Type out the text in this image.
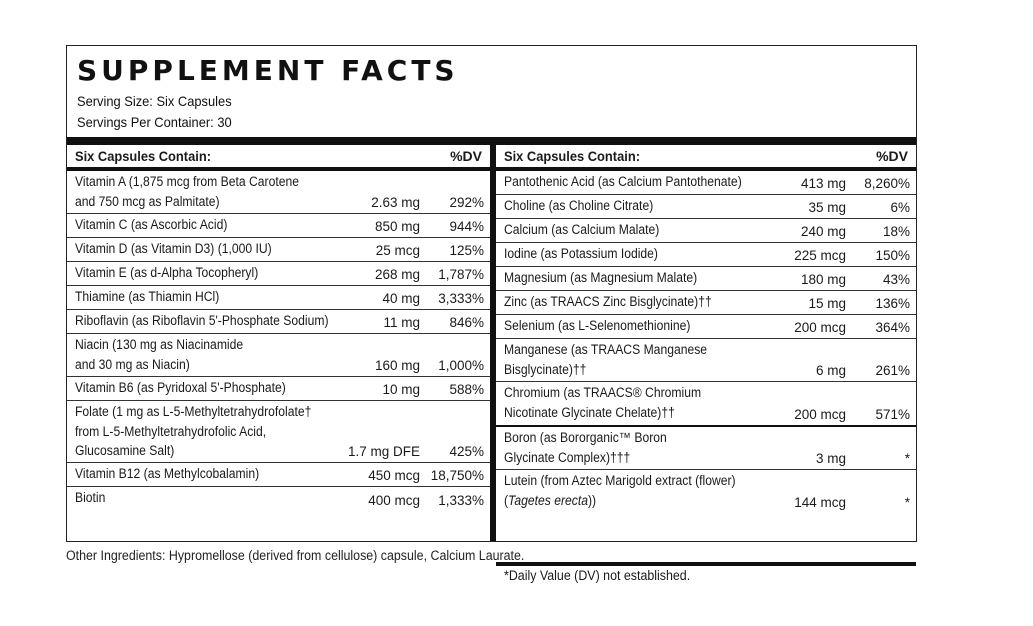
SUPPLEMENT FACTS
Serving Size: Six Capsules
Servings Per Container: 30
Six Capsules Contain:	%DV
Vitamin A (1,875 mcg from Beta Carotene
and 750 mcg as Palmitate)	2.63 mg 292%
Vitamin C (as Ascorbic Acid)	850 mg 944%
Vitamin D (as Vitamin D3) (1,000 IU)	25 mcg 125%
Vitamin E (as d-Alpha Tocopheryl)	268 mg 1,787%
Thiamine (as Thiamin HCl)	40 mg 3,333%
Riboflavin (as Riboflavin 5'-Phosphate Sodium)	11 mg 846%
Niacin (130 mg as Niacinamide
and 30 mg as Niacin)	160 mg 1,000%
Vitamin B6 (as Pyridoxal 5'-Phosphate)	10 mg 588%
Folate (1 mg as L-5-Methyltetrahydrofolate†
from L-5-Methyltetrahydrofolic Acid,
Glucosamine Salt)	1.7 mg DFE 425%
Vitamin B12 (as Methylcobalamin)	450 mcg 18,750%
Biotin	400 mcg 1,333%
Six Capsules Contain:	%DV
Pantothenic Acid (as Calcium Pantothenate)	413 mg 8,260%
Choline (as Choline Citrate)	35 mg	6%
Calcium (as Calcium Malate)	240 mg	18%
Iodine (as Potassium Iodide)	225 mcg 150%
Magnesium (as Magnesium Malate)	180 mg	43%
Zinc (as TRAACS Zinc Bisglycinate)††	15 mg 136%
Selenium (as L-Selenomethionine)	200 mcg 364%
Manganese (as TRAACS Manganese
Bisglycinate)††	6 mg 261%
Chromium (as TRAACS® Chromium
Nicotinate Glycinate Chelate)††	200 mcg 571%
Boron (as Bororganic™ Boron
Glycinate Complex)†††	3 mg	*
Lutein (from Aztec Marigold extract (flower)
(Tagetes erecta))	144 mcg	*
*Daily Value (DV) not established.
Other Ingredients: Hypromellose (derived from cellulose) capsule, Calcium Laurate.
